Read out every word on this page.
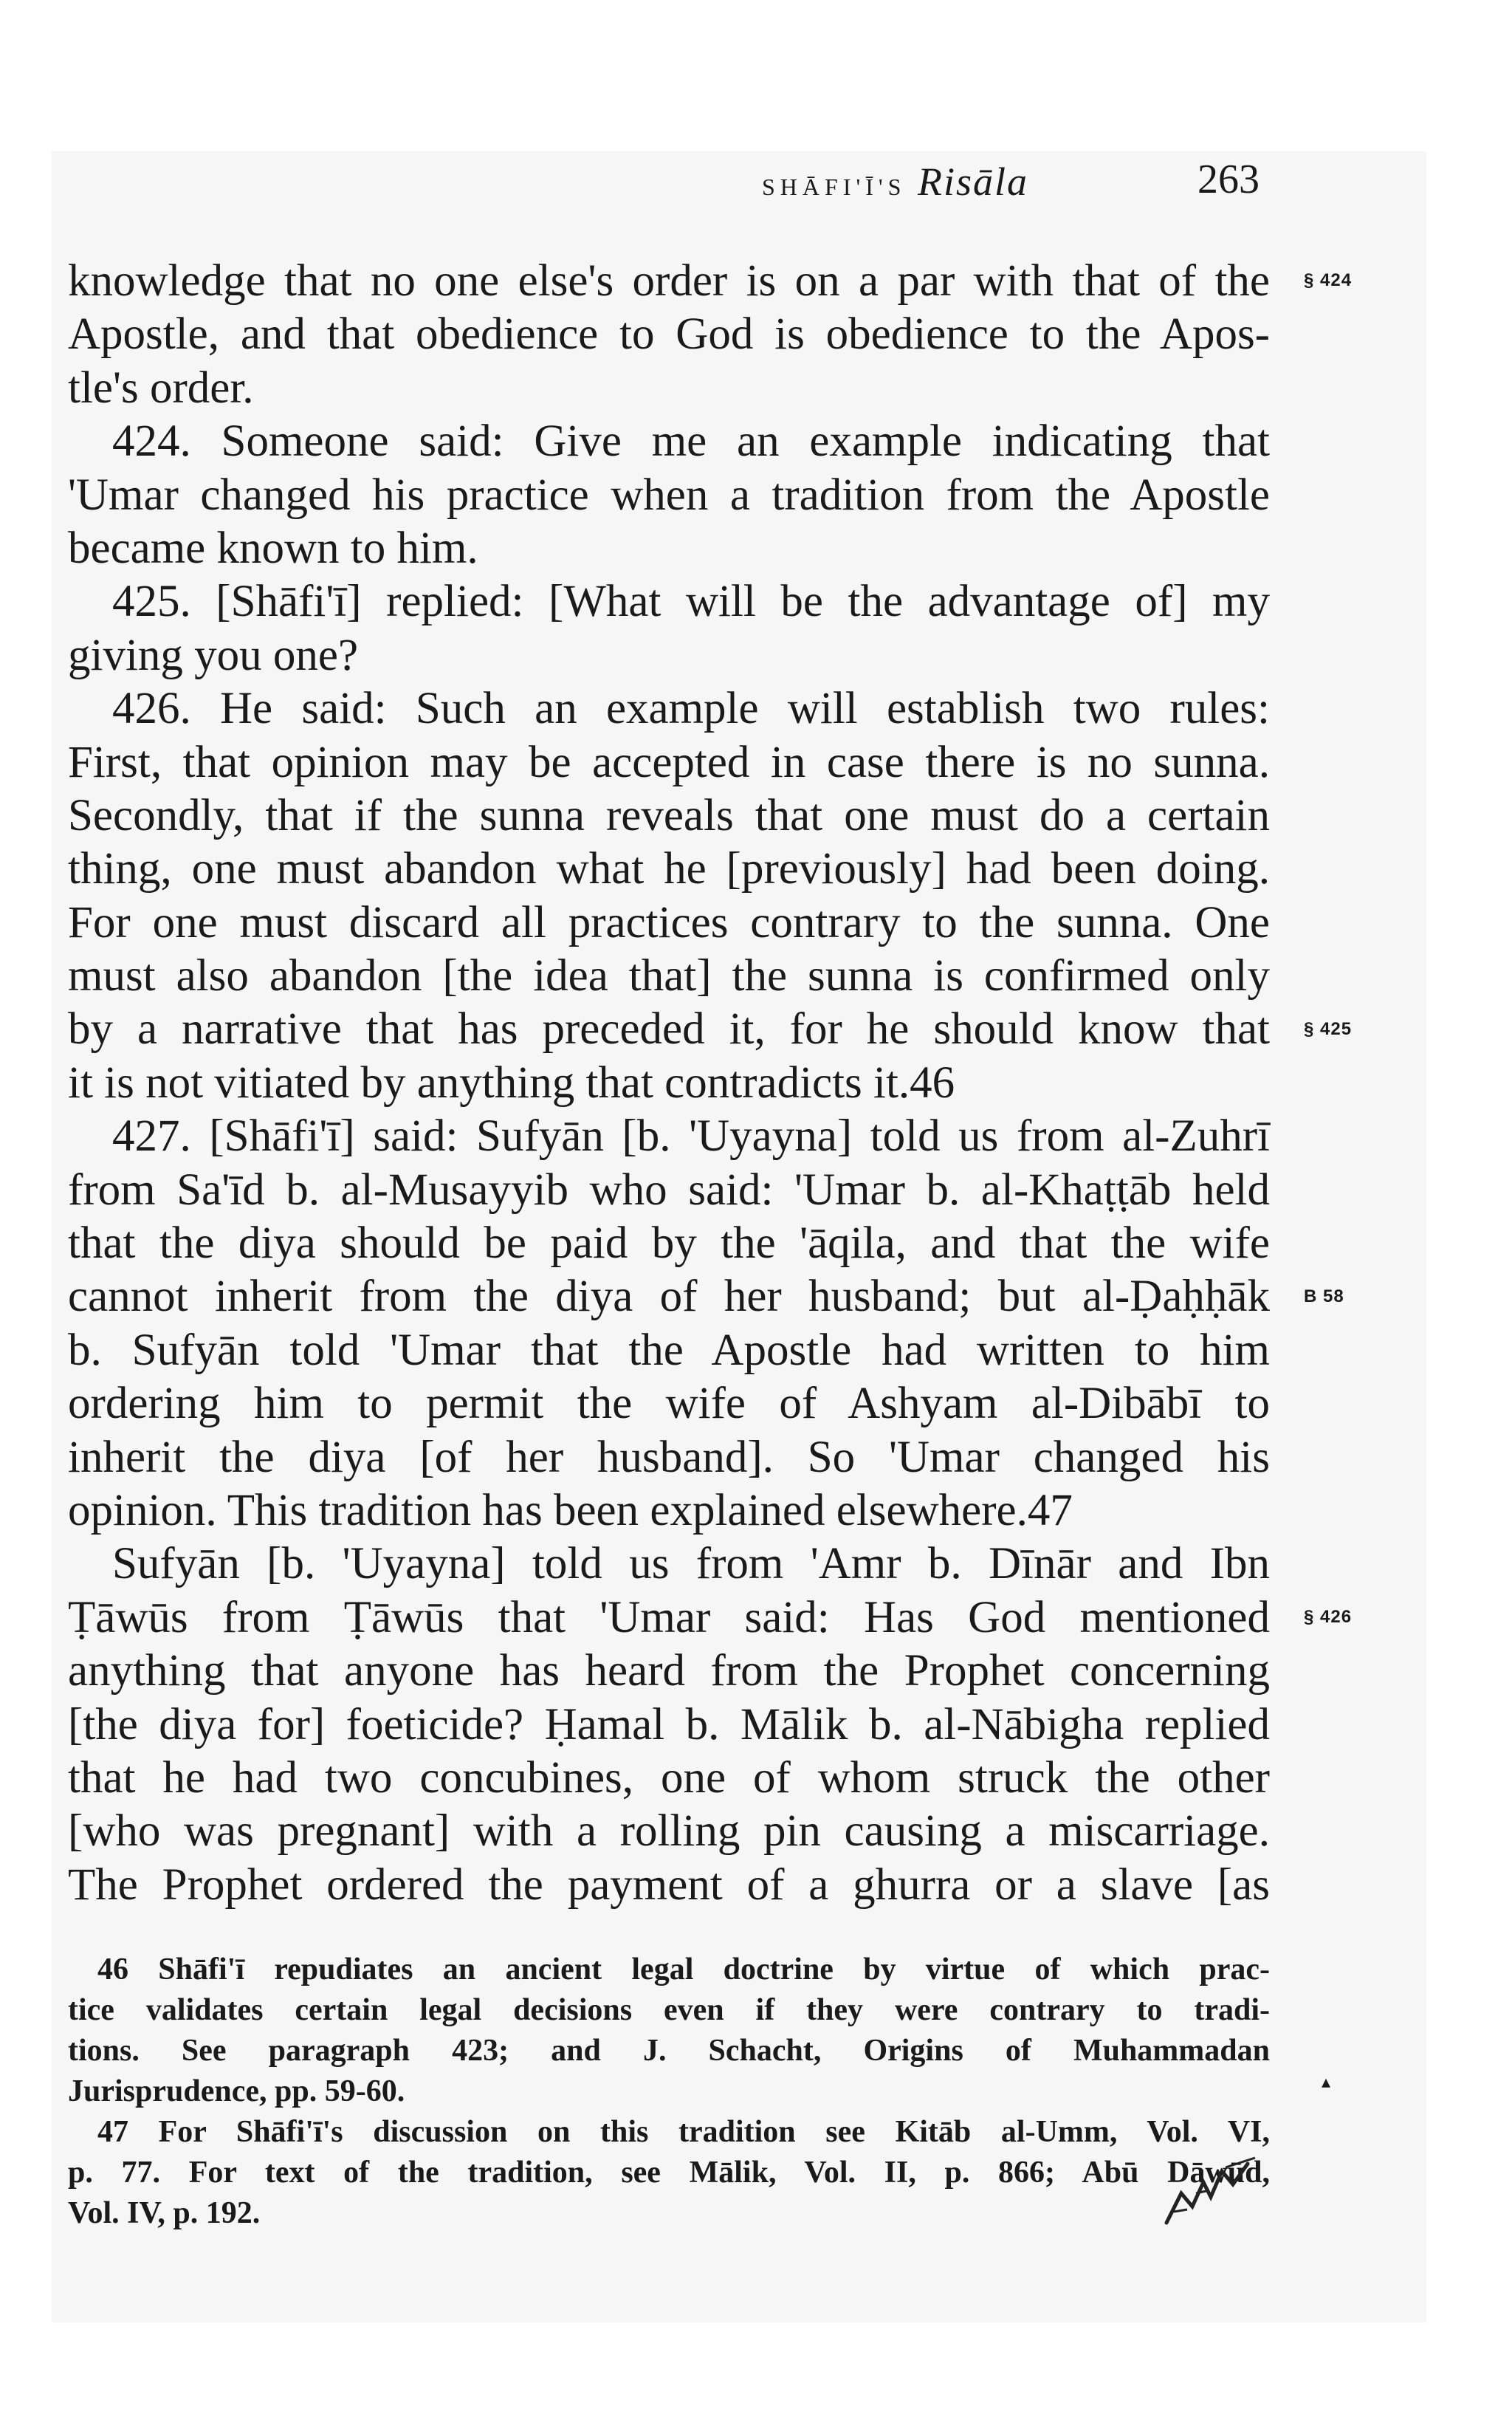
SHĀFI'Ī'S Risāla	263
knowledge that no one else's order is on a par with that of the
Apostle, and that obedience to God is obedience to the Apos-
tle's order.
424. Someone said: Give me an example indicating that
'Umar changed his practice when a tradition from the Apostle
became known to him.
425. [Shāfi'ī] replied: [What will be the advantage of] my
giving you one?
426. He said: Such an example will establish two rules:
First, that opinion may be accepted in case there is no sunna.
Secondly, that if the sunna reveals that one must do a certain
thing, one must abandon what he [previously] had been doing.
For one must discard all practices contrary to the sunna. One
must also abandon [the idea that] the sunna is confirmed only
by a narrative that has preceded it, for he should know that
it is not vitiated by anything that contradicts it.46
427. [Shāfi'ī] said: Sufyān [b. 'Uyayna] told us from al-Zuhrī
from Sa'īd b. al-Musayyib who said: 'Umar b. al-Khaṭṭāb held
that the diya should be paid by the 'āqila, and that the wife
cannot inherit from the diya of her husband; but al-Ḍaḥḥāk
b. Sufyān told 'Umar that the Apostle had written to him
ordering him to permit the wife of Ashyam al-Dibābī to
inherit the diya [of her husband]. So 'Umar changed his
opinion. This tradition has been explained elsewhere.47
Sufyān [b. 'Uyayna] told us from 'Amr b. Dīnār and Ibn
Ṭāwūs from Ṭāwūs that 'Umar said: Has God mentioned
anything that anyone has heard from the Prophet concerning
[the diya for] foeticide? Ḥamal b. Mālik b. al-Nābigha replied
that he had two concubines, one of whom struck the other
[who was pregnant] with a rolling pin causing a miscarriage.
The Prophet ordered the payment of a ghurra or a slave [as
§ 424
§ 425
B 58
§ 426
46 Shāfi'ī repudiates an ancient legal doctrine by virtue of which prac-
tice validates certain legal decisions even if they were contrary to tradi-
tions. See paragraph 423; and J. Schacht, Origins of Muhammadan
Jurisprudence, pp. 59-60.
47 For Shāfi'ī's discussion on this tradition see Kitāb al-Umm, Vol. VI,
p. 77. For text of the tradition, see Mālik, Vol. II, p. 866; Abū Dāwūd,
Vol. IV, p. 192.
▴
